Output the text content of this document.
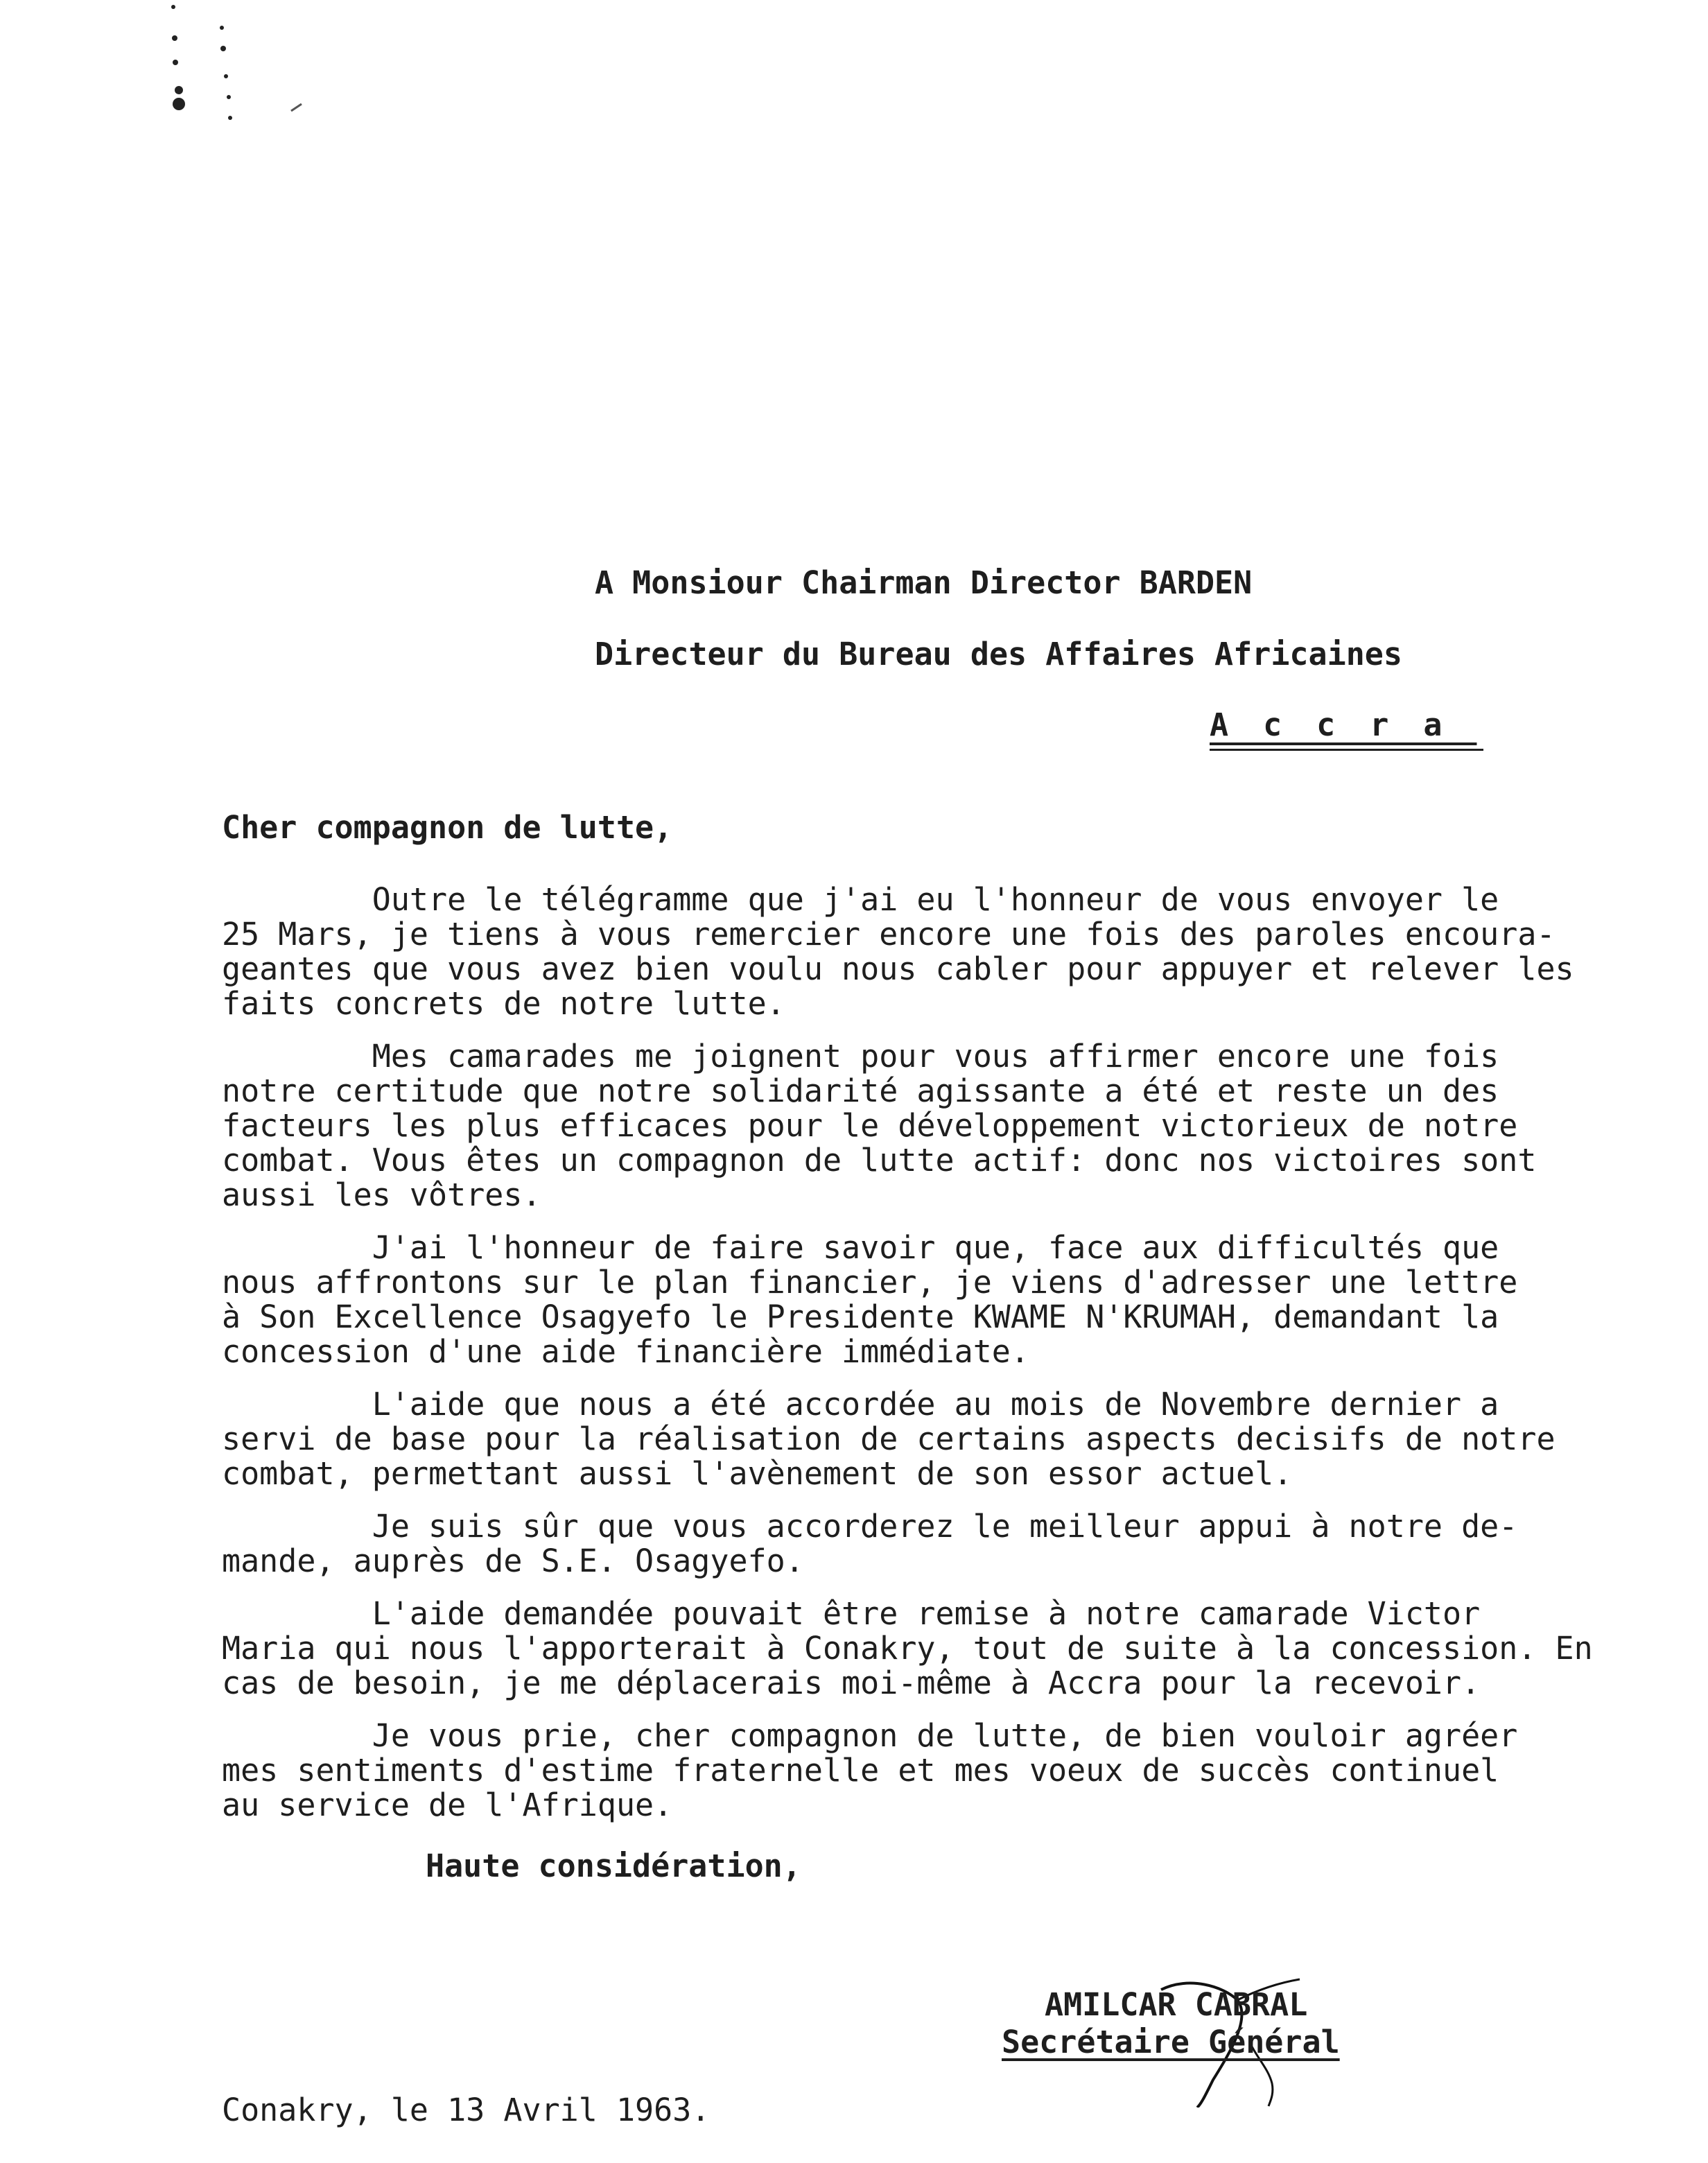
A Monsiour Chairman Director BARDEN
Directeur du Bureau des Affaires Africaines
Accra
Cher compagnon de lutte,
Outre le télégramme que j'ai eu l'honneur de vous envoyer le
25 Mars, je tiens à vous remercier encore une fois des paroles encoura-
geantes que vous avez bien voulu nous cabler pour appuyer et relever les
faits concrets de notre lutte.
Mes camarades me joignent pour vous affirmer encore une fois
notre certitude que notre solidarité agissante a été et reste un des
facteurs les plus efficaces pour le développement victorieux de notre
combat. Vous êtes un compagnon de lutte actif: donc nos victoires sont
aussi les vôtres.
J'ai l'honneur de faire savoir que, face aux difficultés que
nous affrontons sur le plan financier, je viens d'adresser une lettre
à Son Excellence Osagyefo le Presidente KWAME N'KRUMAH, demandant la
concession d'une aide financière immédiate.
L'aide que nous a été accordée au mois de Novembre dernier a
servi de base pour la réalisation de certains aspects decisifs de notre
combat, permettant aussi l'avènement de son essor actuel.
Je suis sûr que vous accorderez le meilleur appui à notre de-
mande, auprès de S.E. Osagyefo.
L'aide demandée pouvait être remise à notre camarade Victor
Maria qui nous l'apporterait à Conakry, tout de suite à la concession. En
cas de besoin, je me déplacerais moi-même à Accra pour la recevoir.
Je vous prie, cher compagnon de lutte, de bien vouloir agréer
mes sentiments d'estime fraternelle et mes voeux de succès continuel
au service de l'Afrique.
Haute considération,
AMILCAR CABRAL
Secrétaire Général
Conakry, le 13 Avril 1963.
